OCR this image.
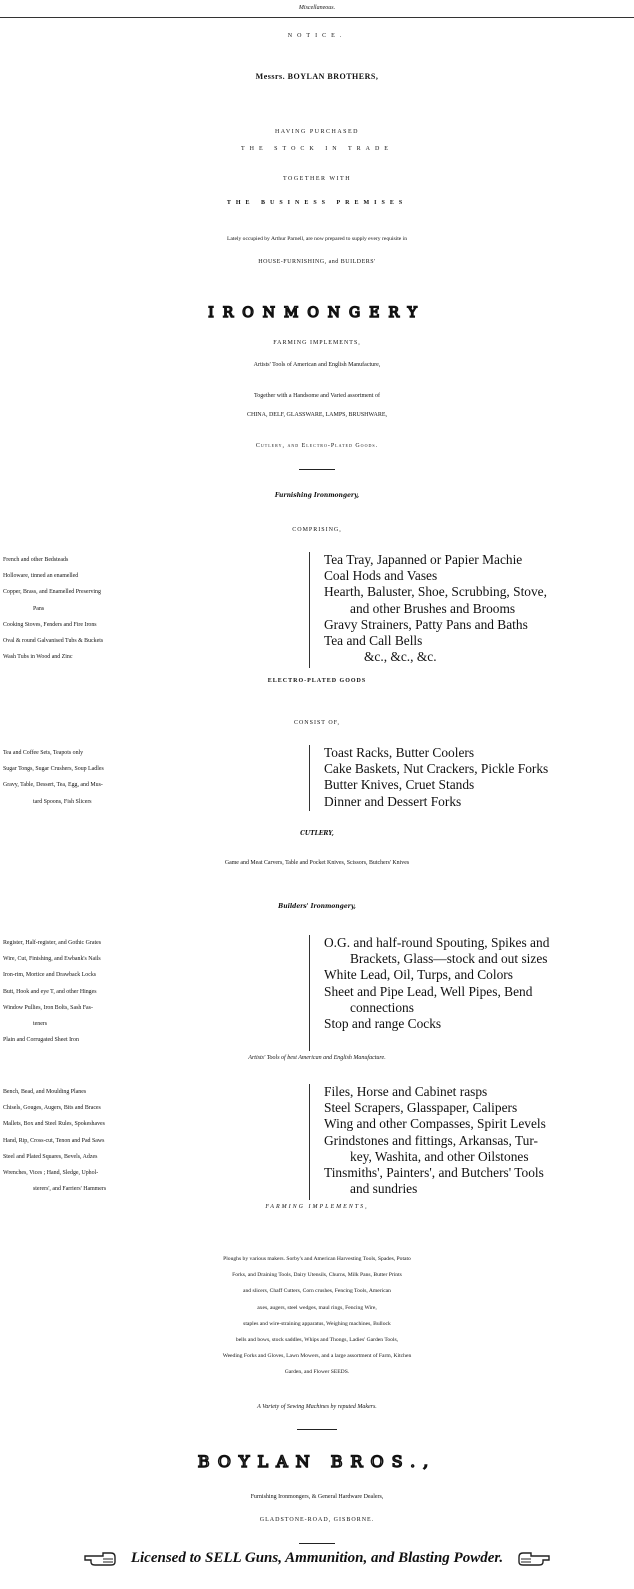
Miscellaneous.
NOTICE.
Messrs. BOYLAN BROTHERS,
HAVING PURCHASED
THE STOCK IN TRADE
TOGETHER WITH
THE BUSINESS PREMISES
Lately occupied by Arthur Parnell, are now prepared to supply every requisite in
HOUSE-FURNISHING, and BUILDERS'
IRONMONGERY
FARMING IMPLEMENTS,
Artists' Tools of American and English Manufacture,
Together with a Handsome and Varied assortment of
CHINA, DELF, GLASSWARE, LAMPS, BRUSHWARE,
Cutlery, and Electro-Plated Goods.
Furnishing Ironmongery,
COMPRISING,
French and other Bedsteads
Holloware, tinned an enamelled
Copper, Brass, and Enamelled Preserving
Pans
Cooking Stoves, Fenders and Fire Irons
Oval & round Galvanised Tubs & Buckets
Wash Tubs in Wood and Zinc
Tea Tray, Japanned or Papier Machie
Coal Hods and Vases
Hearth, Baluster, Shoe, Scrubbing, Stove,
and other Brushes and Brooms
Gravy Strainers, Patty Pans and Baths
Tea and Call Bells
&c., &c., &c.
ELECTRO-PLATED GOODS
CONSIST OF,
Tea and Coffee Sets, Teapots only
Sugar Tongs, Sugar Crushers, Soup Ladles
Gravy, Table, Dessert, Tea, Egg, and Mus-
tard Spoons, Fish Slicers
Toast Racks, Butter Coolers
Cake Baskets, Nut Crackers, Pickle Forks
Butter Knives, Cruet Stands
Dinner and Dessert Forks
CUTLERY,
Game and Meat Carvers, Table and Pocket Knives, Scissors, Butchers' Knives
Builders' Ironmongery,
Register, Half-register, and Gothic Grates
Wire, Cut, Finishing, and Ewbank's Nails
Iron-rim, Mortice and Drawback Locks
Butt, Hook and eye T, and other Hinges
Window Pullies, Iron Bolts, Sash Fas-
teners
Plain and Corrugated Sheet Iron
O.G. and half-round Spouting, Spikes and
Brackets, Glass—stock and out sizes
White Lead, Oil, Turps, and Colors
Sheet and Pipe Lead, Well Pipes, Bend
connections
Stop and range Cocks
Artists' Tools of best American and English Manufacture.
Bench, Bead, and Moulding Planes
Chisels, Gouges, Augers, Bits and Braces
Mallets, Box and Steel Rules, Spokeshaves
Hand, Rip, Cross-cut, Tenon and Pad Saws
Steel and Plated Squares, Bevels, Adzes
Wrenches, Vices ; Hand, Sledge, Uphol-
sterers', and Farriers' Hammers
Files, Horse and Cabinet rasps
Steel Scrapers, Glasspaper, Calipers
Wing and other Compasses, Spirit Levels
Grindstones and fittings, Arkansas, Tur-
key, Washita, and other Oilstones
Tinsmiths', Painters', and Butchers' Tools
and sundries
FARMING IMPLEMENTS,
Ploughs by various makers. Sorby's and American Harvesting Tools, Spades, Potato
Forks, and Draining Tools, Dairy Utensils, Churns, Milk Pans, Butter Prints
and slicers, Chaff Cutters, Corn crushes, Fencing Tools, American
axes, augers, steel wedges, maul rings, Fencing Wire,
staples and wire-straining apparatus, Weighing machines, Bullock
bells and bows, stock saddles, Whips and Thongs, Ladies' Garden Tools,
Weeding Forks and Gloves, Lawn Mowers, and a large assortment of Farm, Kitchen
Garden, and Flower SEEDS.
A Variety of Sewing Machines by reputed Makers.
BOYLAN BROS.,
Furnishing Ironmongers, & General Hardware Dealers,
GLADSTONE-ROAD, GISBORNE.
Licensed to SELL Guns, Ammunition, and Blasting Powder.
